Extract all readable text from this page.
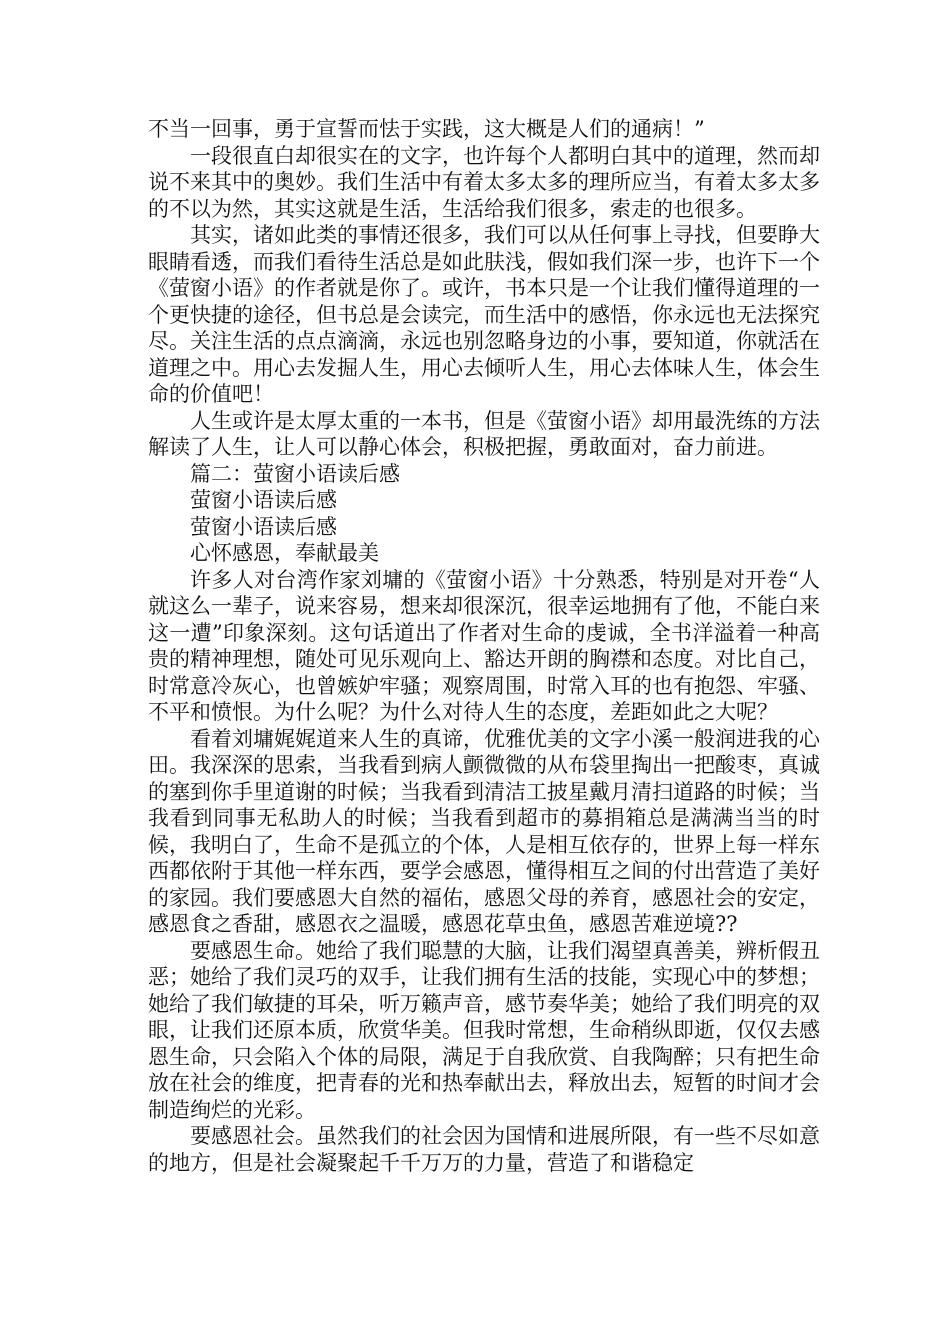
不当一回事，勇于宣誓而怯于实践，这大概是人们的通病！”

一段很直白却很实在的文字，也许每个人都明白其中的道理，然而却说不来其中的奥妙。我们生活中有着太多太多的理所应当，有着太多太多的不以为然，其实这就是生活，生活给我们很多，索走的也很多。

其实，诸如此类的事情还很多，我们可以从任何事上寻找，但要睁大眼睛看透，而我们看待生活总是如此肤浅，假如我们深一步，也许下一个《萤窗小语》的作者就是你了。或许，书本只是一个让我们懂得道理的一个更快捷的途径，但书总是会读完，而生活中的感悟，你永远也无法探究尽。关注生活的点点滴滴，永远也别忽略身边的小事，要知道，你就活在道理之中。用心去发掘人生，用心去倾听人生，用心去体味人生，体会生命的价值吧！

人生或许是太厚太重的一本书，但是《萤窗小语》却用最洗练的方法解读了人生，让人可以静心体会，积极把握，勇敢面对，奋力前进。

篇二：萤窗小语读后感

萤窗小语读后感

萤窗小语读后感

心怀感恩，奉献最美

许多人对台湾作家刘墉的《萤窗小语》十分熟悉，特别是对开卷“人就这么一辈子，说来容易，想来却很深沉，很幸运地拥有了他，不能白来这一遭”印象深刻。这句话道出了作者对生命的虔诚，全书洋溢着一种高贵的精神理想，随处可见乐观向上、豁达开朗的胸襟和态度。对比自己，时常意冷灰心，也曾嫉妒牢骚；观察周围，时常入耳的也有抱怨、牢骚、不平和愤恨。为什么呢？为什么对待人生的态度，差距如此之大呢？

看着刘墉娓娓道来人生的真谛，优雅优美的文字小溪一般润进我的心田。我深深的思索，当我看到病人颤微微的从布袋里掏出一把酸枣，真诚的塞到你手里道谢的时候；当我看到清洁工披星戴月清扫道路的时候；当我看到同事无私助人的时候；当我看到超市的募捐箱总是满满当当的时候，我明白了，生命不是孤立的个体，人是相互依存的，世界上每一样东西都依附于其他一样东西，要学会感恩，懂得相互之间的付出营造了美好的家园。我们要感恩大自然的福佑，感恩父母的养育，感恩社会的安定，感恩食之香甜，感恩衣之温暖，感恩花草虫鱼，感恩苦难逆境??

要感恩生命。她给了我们聪慧的大脑，让我们渴望真善美，辨析假丑恶；她给了我们灵巧的双手，让我们拥有生活的技能，实现心中的梦想；她给了我们敏捷的耳朵，听万籁声音，感节奏华美；她给了我们明亮的双眼，让我们还原本质，欣赏华美。但我时常想，生命稍纵即逝，仅仅去感恩生命，只会陷入个体的局限，满足于自我欣赏、自我陶醉；只有把生命放在社会的维度，把青春的光和热奉献出去，释放出去，短暂的时间才会制造绚烂的光彩。

要感恩社会。虽然我们的社会因为国情和进展所限，有一些不尽如意的地方，但是社会凝聚起千千万万的力量，营造了和谐稳定
